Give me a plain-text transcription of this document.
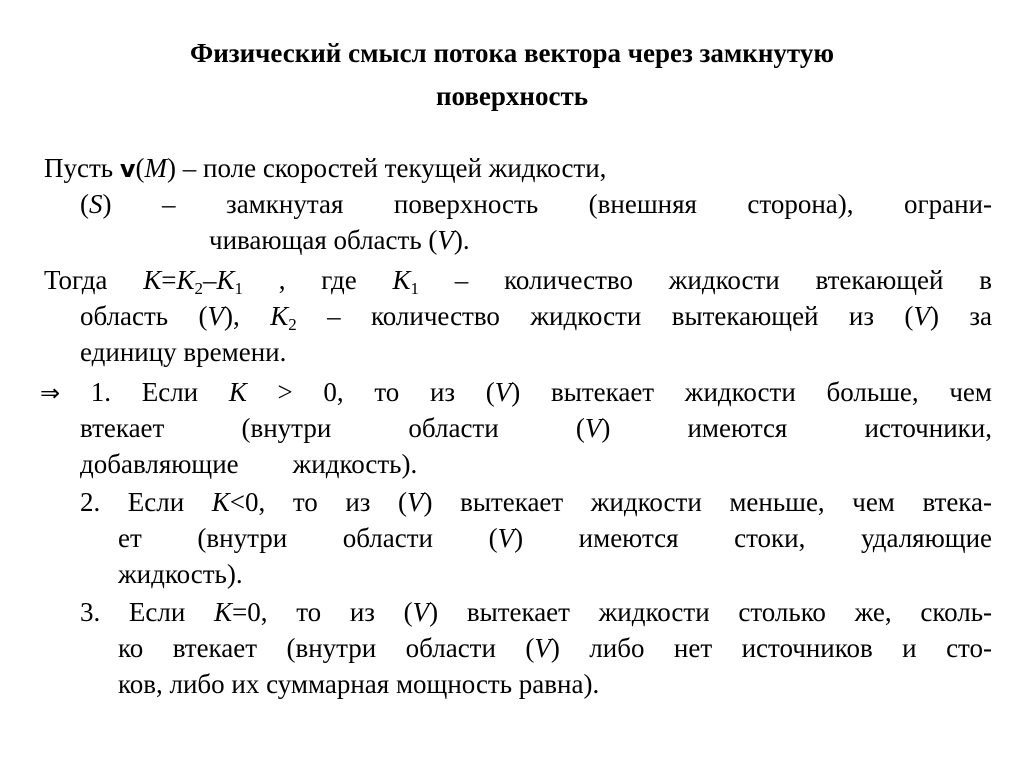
Физический смысл потока вектора через замкнутую
поверхность
Пусть v(M) – поле скоростей текущей жидкости,
(S) – замкнутая поверхность (внешняя сторона), ограни-
чивающая область (V).
Тогда $K=K_2-K_1$ , где $K_1$ – количество жидкости втекающей в
область (V), $K_2$ – количество жидкости вытекающей из (V) за
единицу времени.
⇒ 1. Если K > 0, то из (V) вытекает жидкости больше, чем
втекает (внутри области (V) имеются источники,
добавляющие        жидкость).
2. Если K<0, то из (V) вытекает жидкости меньше, чем втека-
ет (внутри области (V) имеются стоки, удаляющие
жидкость).
3. Если K=0, то из (V) вытекает жидкости столько же, сколь-
ко втекает (внутри области (V) либо нет источников и сто-
ков, либо их суммарная мощность равна).
